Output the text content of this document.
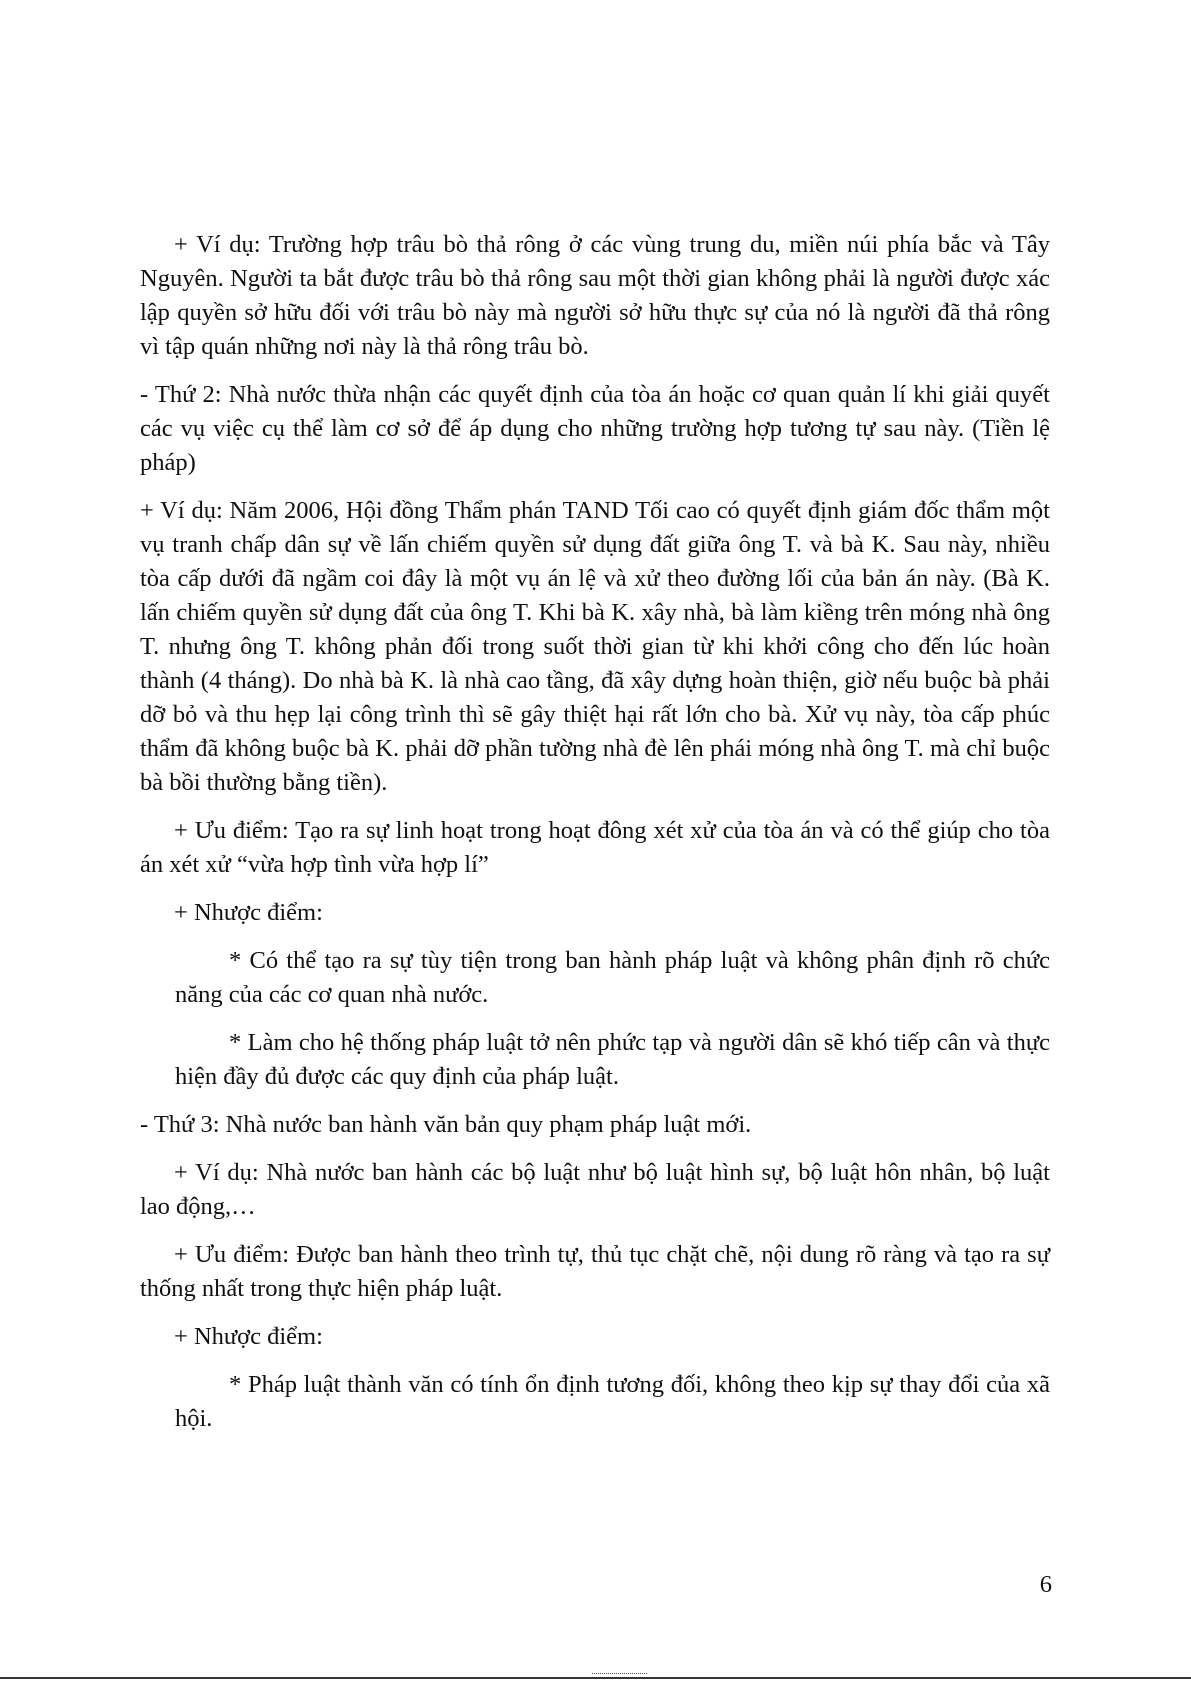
+ Ví dụ: Trường hợp trâu bò thả rông ở các vùng trung du, miền núi phía bắc và Tây Nguyên. Người ta bắt được trâu bò thả rông sau một thời gian không phải là người được xác lập quyền sở hữu đối với trâu bò này mà người sở hữu thực sự của nó là người đã thả rông vì tập quán những nơi này là thả rông trâu bò.

- Thứ 2: Nhà nước thừa nhận các quyết định của tòa án hoặc cơ quan quản lí khi giải quyết các vụ việc cụ thể làm cơ sở để áp dụng cho những trường hợp tương tự sau này. (Tiền lệ pháp)

+ Ví dụ: Năm 2006, Hội đồng Thẩm phán TAND Tối cao có quyết định giám đốc thẩm một vụ tranh chấp dân sự về lấn chiếm quyền sử dụng đất giữa ông T. và bà K. Sau này, nhiều tòa cấp dưới đã ngầm coi đây là một vụ án lệ và xử theo đường lối của bản án này. (Bà K. lấn chiếm quyền sử dụng đất của ông T. Khi bà K. xây nhà, bà làm kiềng trên móng nhà ông T. nhưng ông T. không phản đối trong suốt thời gian từ khi khởi công cho đến lúc hoàn thành (4 tháng). Do nhà bà K. là nhà cao tầng, đã xây dựng hoàn thiện, giờ nếu buộc bà phải dỡ bỏ và thu hẹp lại công trình thì sẽ gây thiệt hại rất lớn cho bà. Xử vụ này, tòa cấp phúc thẩm đã không buộc bà K. phải dỡ phần tường nhà đè lên phái móng nhà ông T. mà chỉ buộc bà bồi thường bằng tiền).

+ Ưu điểm: Tạo ra sự linh hoạt trong hoạt đông xét xử của tòa án và có thể giúp cho tòa án xét xử “vừa hợp tình vừa hợp lí”

+ Nhược điểm:

* Có thể tạo ra sự tùy tiện trong ban hành pháp luật và không phân định rõ chức năng của các cơ quan nhà nước.

* Làm cho hệ thống pháp luật tở nên phức tạp và người dân sẽ khó tiếp cân và thực hiện đầy đủ được các quy định của pháp luật.

- Thứ 3: Nhà nước ban hành văn bản quy phạm pháp luật mới.

+ Ví dụ: Nhà nước ban hành các bộ luật như bộ luật hình sự, bộ luật hôn nhân, bộ luật lao động,…

+ Ưu điểm: Được ban hành theo trình tự, thủ tục chặt chẽ, nội dung rõ ràng và tạo ra sự thống nhất trong thực hiện pháp luật.

+ Nhược điểm:

* Pháp luật thành văn có tính ổn định tương đối, không theo kịp sự thay đổi của xã hội.

6
